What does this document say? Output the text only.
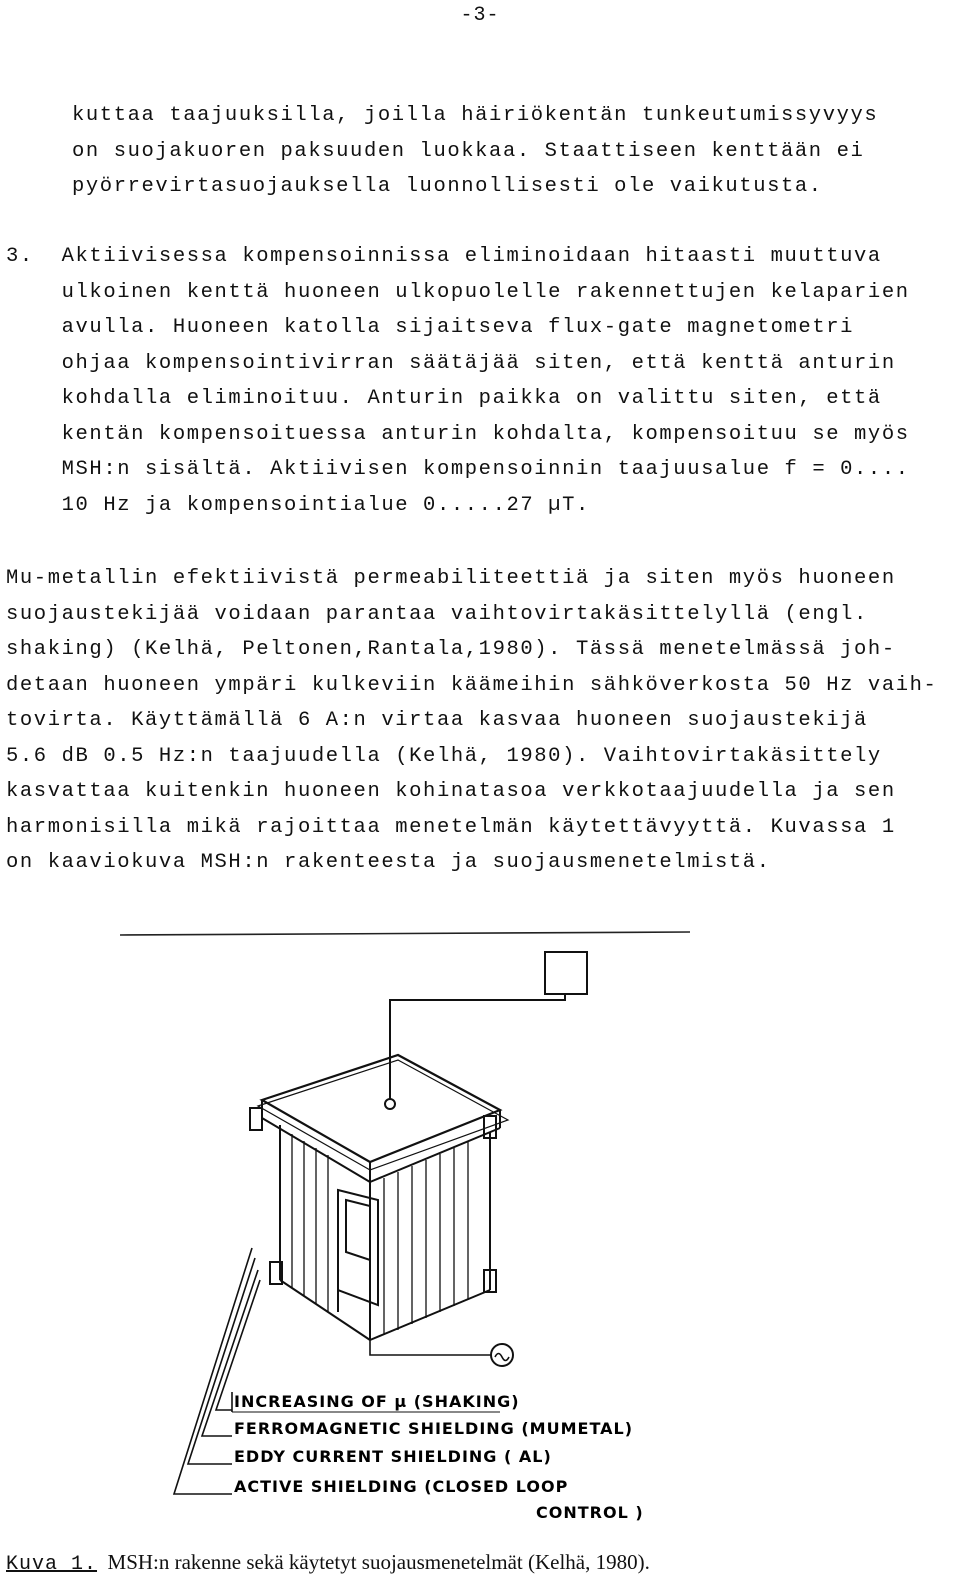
-3-
kuttaa taajuuksilla, joilla häiriökentän tunkeutumissyvyys
on suojakuoren paksuuden luokkaa. Staattiseen kenttään ei
pyörrevirtasuojauksella luonnollisesti ole vaikutusta.
3.  Aktiivisessa kompensoinnissa eliminoidaan hitaasti muuttuva
ulkoinen kenttä huoneen ulkopuolelle rakennettujen kelaparien
avulla. Huoneen katolla sijaitseva flux-gate magnetometri
ohjaa kompensointivirran säätäjää siten, että kenttä anturin
kohdalla eliminoituu. Anturin paikka on valittu siten, että
kentän kompensoituessa anturin kohdalta, kompensoituu se myös
MSH:n sisältä. Aktiivisen kompensoinnin taajuusalue f = 0....
10 Hz ja kompensointialue 0.....27 µT.
Mu-metallin efektiivistä permeabiliteettiä ja siten myös huoneen
suojaustekijää voidaan parantaa vaihtovirtakäsittelyllä (engl.
shaking) (Kelhä, Peltonen,Rantala,1980). Tässä menetelmässä joh-
detaan huoneen ympäri kulkeviin käämeihin sähköverkosta 50 Hz vaih-
tovirta. Käyttämällä 6 A:n virtaa kasvaa huoneen suojaustekijä
5.6 dB 0.5 Hz:n taajuudella (Kelhä, 1980). Vaihtovirtakäsittely
kasvattaa kuitenkin huoneen kohinatasoa verkkotaajuudella ja sen
harmonisilla mikä rajoittaa menetelmän käytettävyyttä. Kuvassa 1
on kaaviokuva MSH:n rakenteesta ja suojausmenetelmistä.
INCREASING OF µ (SHAKING)
FERROMAGNETIC SHIELDING (MUMETAL)
EDDY CURRENT SHIELDING ( AL)
ACTIVE SHIELDING (CLOSED LOOP
CONTROL )
Kuva 1. MSH:n rakenne sekä käytetyt suojausmenetelmät (Kelhä, 1980).
